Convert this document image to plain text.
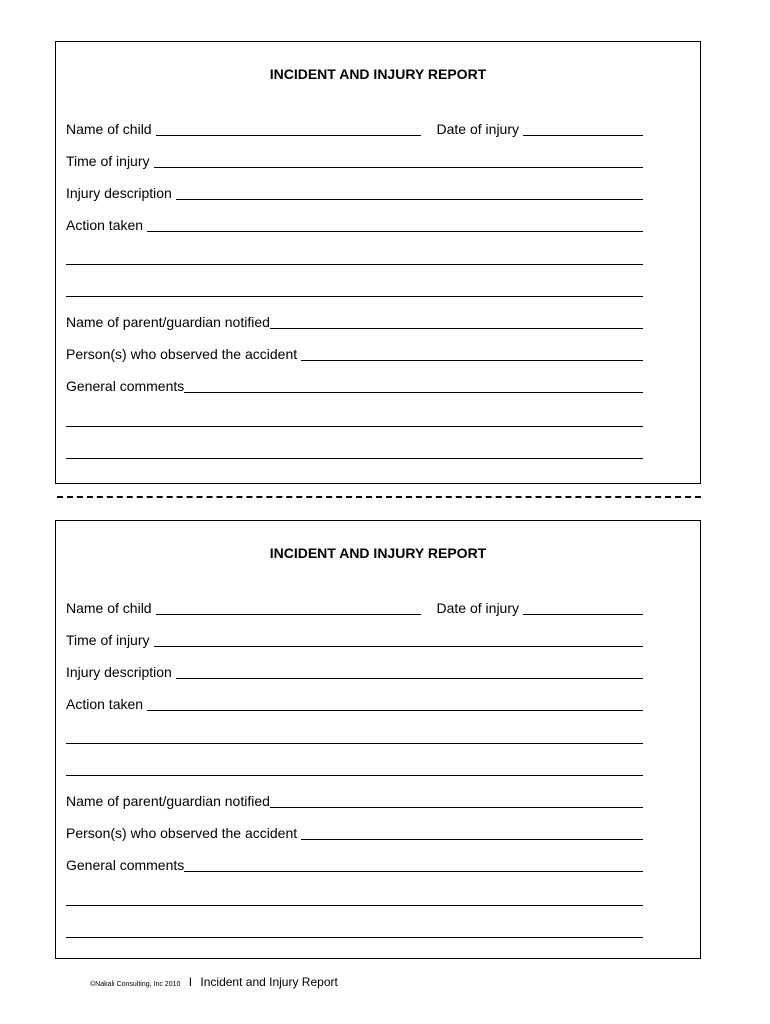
INCIDENT AND INJURY REPORT
Name of child	Date of injury
Time of injury
Injury description
Action taken
Name of parent/guardian notified
Person(s) who observed the accident
General comments
INCIDENT AND INJURY REPORT
Name of child	Date of injury
Time of injury
Injury description
Action taken
Name of parent/guardian notified
Person(s) who observed the accident
General comments
©Nakali Consulting, Inc 2010 I Incident and Injury Report
